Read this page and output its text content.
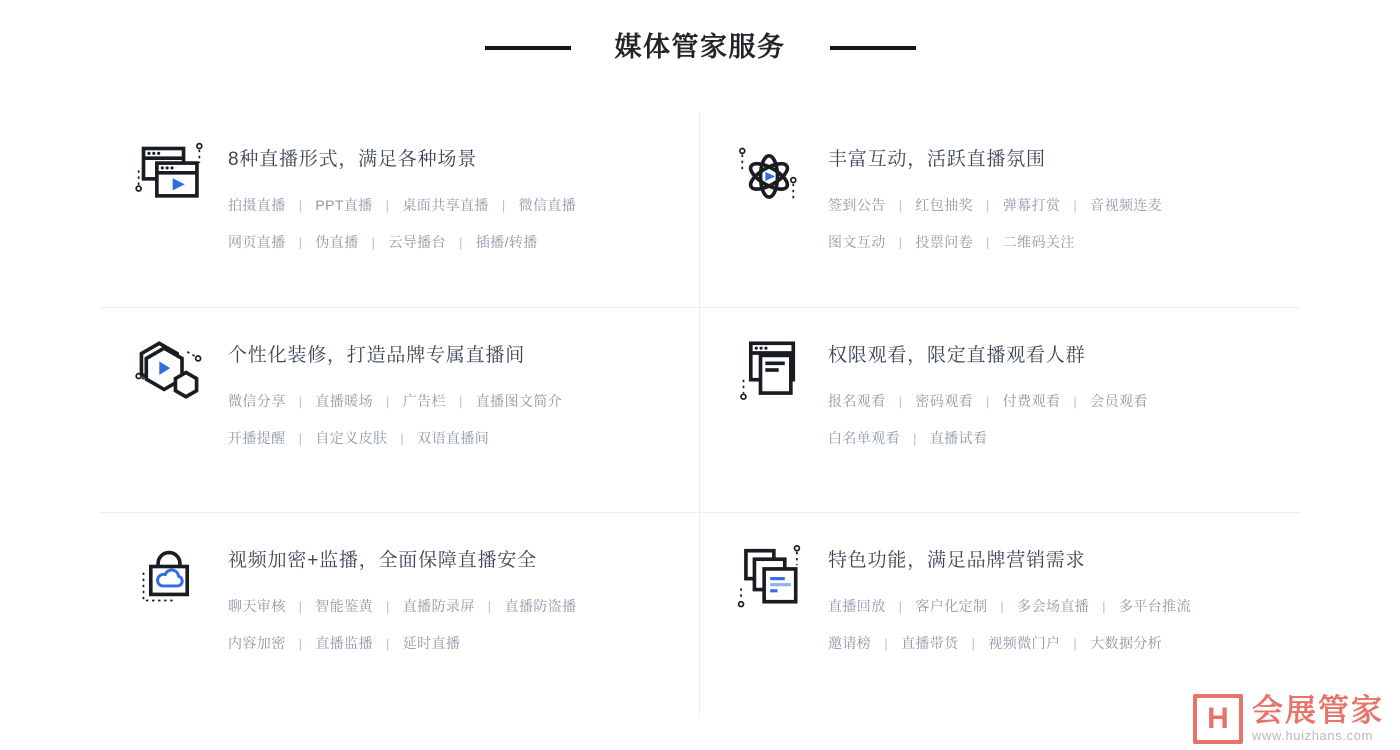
媒体管家服务
8种直播形式，满足各种场景

拍摄直播 | PPT直播 | 桌面共享直播 | 微信直播

网页直播 | 伪直播 | 云导播台 | 插播/转播

丰富互动，活跃直播氛围

签到公告 | 红包抽奖 | 弹幕打赏 | 音视频连麦

图文互动 | 投票问卷 | 二维码关注

个性化装修，打造品牌专属直播间

微信分享 | 直播暖场 | 广告栏 | 直播图文简介

开播提醒 | 自定义皮肤 | 双语直播间

权限观看，限定直播观看人群

报名观看 | 密码观看 | 付费观看 | 会员观看

白名单观看 | 直播试看

视频加密+监播，全面保障直播安全

聊天审核 | 智能鉴黄 | 直播防录屏 | 直播防盗播

内容加密 | 直播监播 | 延时直播

特色功能，满足品牌营销需求

直播回放 | 客户化定制 | 多会场直播 | 多平台推流

邀请榜 | 直播带货 | 视频微门户 | 大数据分析

H 会展管家
www.huizhans.com
